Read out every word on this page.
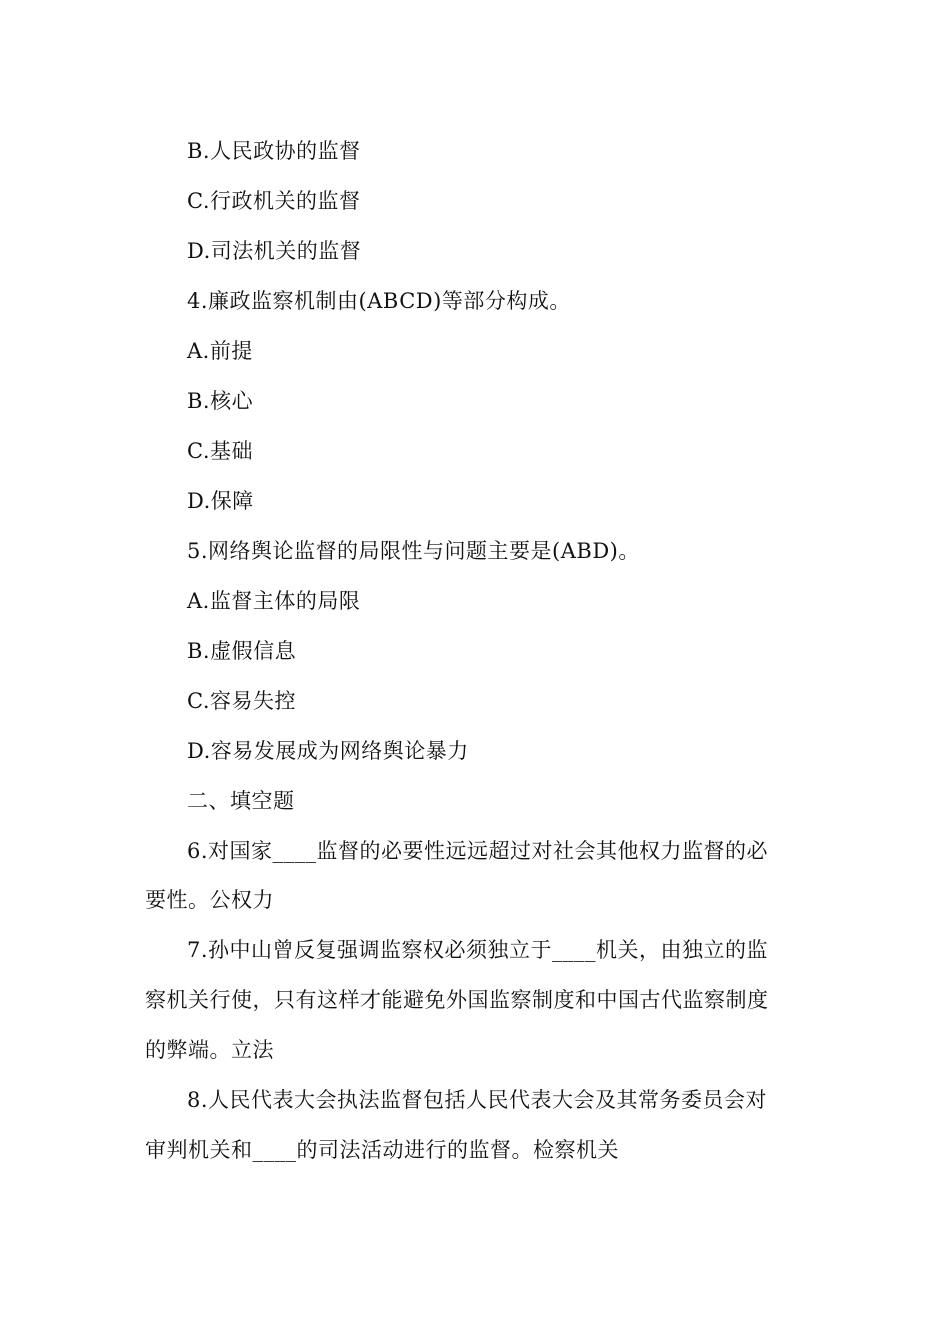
B.人民政协的监督
C.行政机关的监督
D.司法机关的监督
4.廉政监察机制由(ABCD)等部分构成。
A.前提
B.核心
C.基础
D.保障
5.网络舆论监督的局限性与问题主要是(ABD)。
A.监督主体的局限
B.虚假信息
C.容易失控
D.容易发展成为网络舆论暴力
二、填空题
6.对国家____监督的必要性远远超过对社会其他权力监督的必
要性。公权力
7.孙中山曾反复强调监察权必须独立于____机关，由独立的监
察机关行使，只有这样才能避免外国监察制度和中国古代监察制度
的弊端。立法
8.人民代表大会执法监督包括人民代表大会及其常务委员会对
审判机关和____的司法活动进行的监督。检察机关
